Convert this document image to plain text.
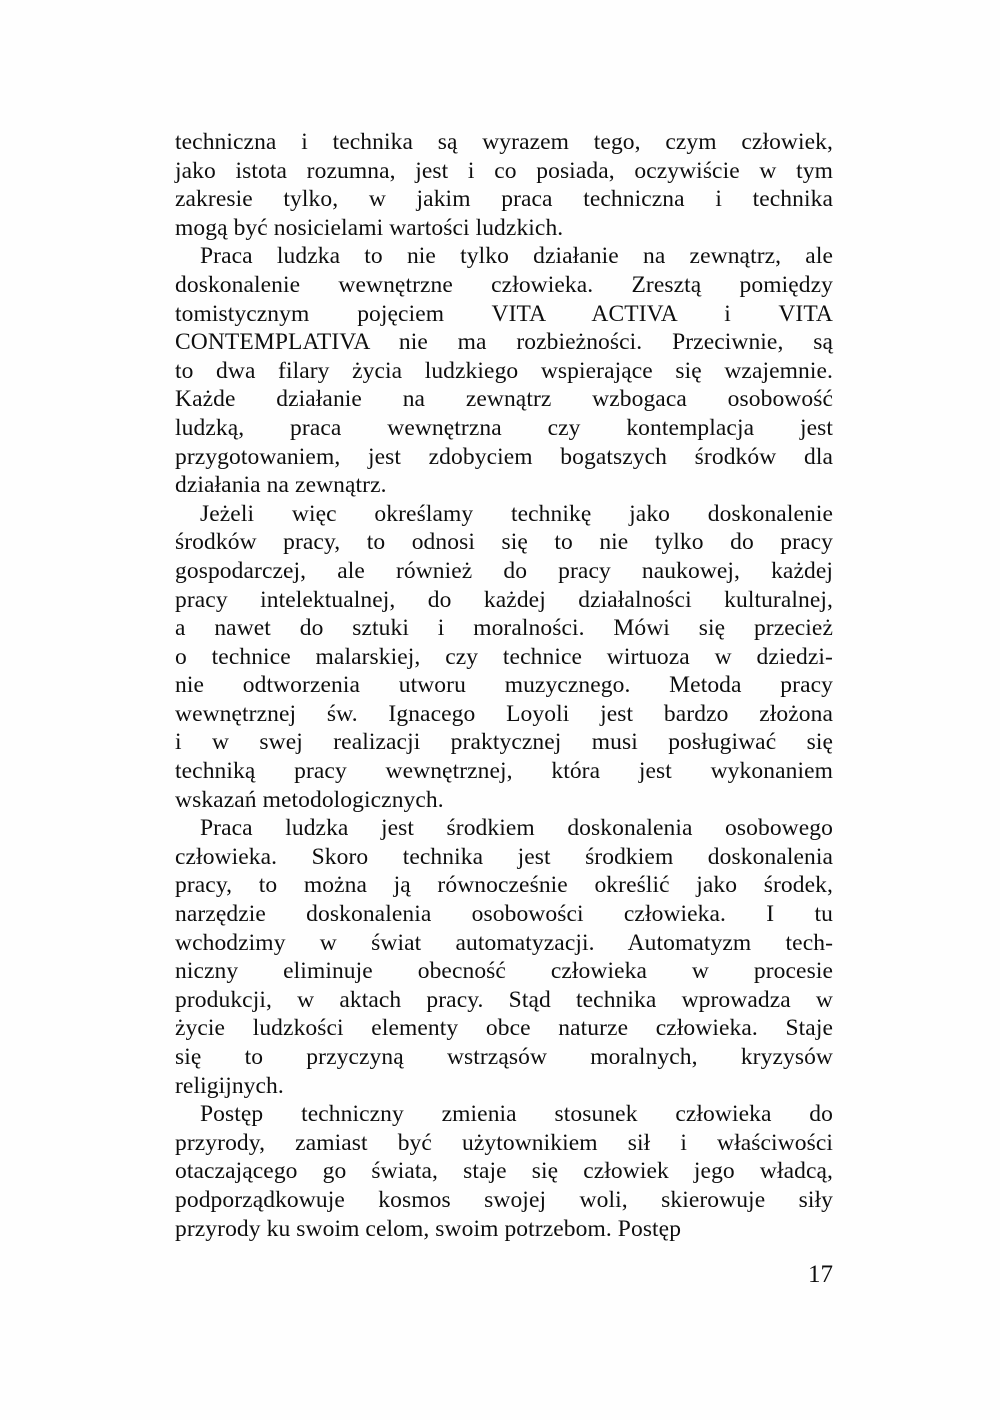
techniczna i technika są wyrazem tego, czym człowiek,
jako istota rozumna, jest i co posiada, oczywiście w tym
zakresie tylko, w jakim praca techniczna i technika
mogą być nosicielami wartości ludzkich.
Praca ludzka to nie tylko działanie na zewnątrz, ale
doskonalenie wewnętrzne człowieka. Zresztą pomiędzy
tomistycznym pojęciem VITA ACTIVA i VITA
CONTEMPLATIVA nie ma rozbieżności. Przeciwnie, są
to dwa filary życia ludzkiego wspierające się wzajemnie.
Każde działanie na zewnątrz wzbogaca osobowość
ludzką, praca wewnętrzna czy kontemplacja jest
przygotowaniem, jest zdobyciem bogatszych środków dla
działania na zewnątrz.
Jeżeli więc określamy technikę jako doskonalenie
środków pracy, to odnosi się to nie tylko do pracy
gospodarczej, ale również do pracy naukowej, każdej
pracy intelektualnej, do każdej działalności kulturalnej,
a nawet do sztuki i moralności. Mówi się przecież
o technice malarskiej, czy technice wirtuoza w dziedzi-
nie odtworzenia utworu muzycznego. Metoda pracy
wewnętrznej św. Ignacego Loyoli jest bardzo złożona
i w swej realizacji praktycznej musi posługiwać się
techniką pracy wewnętrznej, która jest wykonaniem
wskazań metodologicznych.
Praca ludzka jest środkiem doskonalenia osobowego
człowieka. Skoro technika jest środkiem doskonalenia
pracy, to można ją równocześnie określić jako środek,
narzędzie doskonalenia osobowości człowieka. I tu
wchodzimy w świat automatyzacji. Automatyzm tech-
niczny eliminuje obecność człowieka w procesie
produkcji, w aktach pracy. Stąd technika wprowadza w
życie ludzkości elementy obce naturze człowieka. Staje
się to przyczyną wstrząsów moralnych, kryzysów
religijnych.
Postęp techniczny zmienia stosunek człowieka do
przyrody, zamiast być użytownikiem sił i właściwości
otaczającego go świata, staje się człowiek jego władcą,
podporządkowuje kosmos swojej woli, skierowuje siły
przyrody ku swoim celom, swoim potrzebom. Postęp
17
